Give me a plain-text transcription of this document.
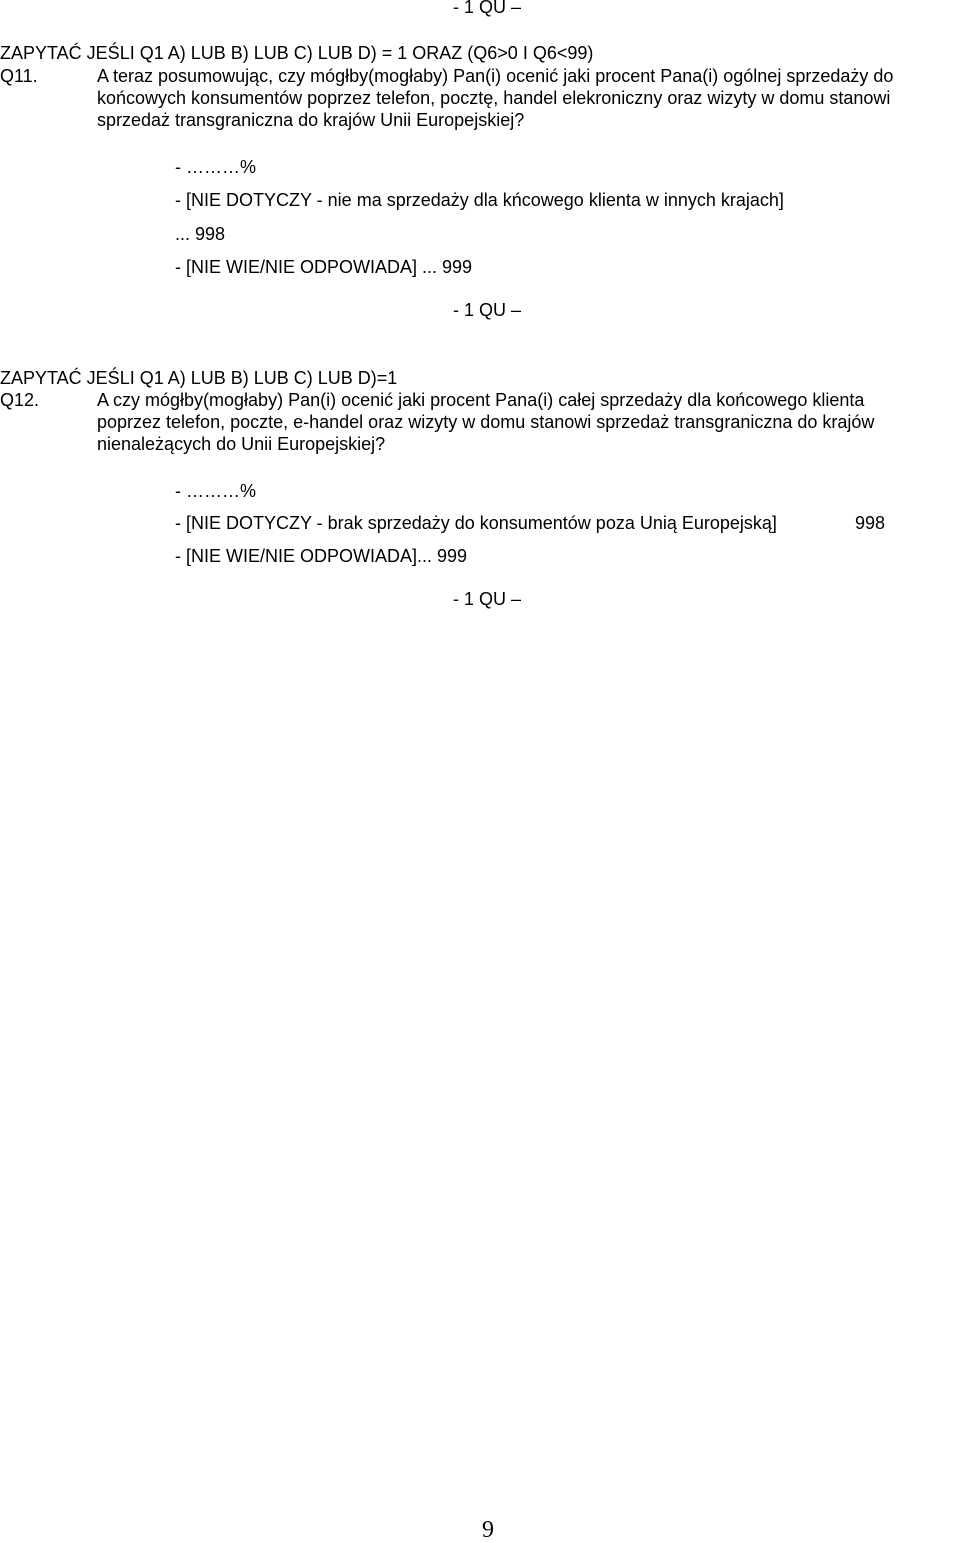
- 1 QU –
ZAPYTAĆ JEŚLI Q1 A) LUB B) LUB C) LUB D) = 1 ORAZ (Q6>0 I Q6<99)
Q11.	A teraz posumowując, czy mógłby(mogłaby) Pan(i) ocenić jaki procent Pana(i) ogólnej sprzedaży do
końcowych konsumentów poprzez telefon, pocztę, handel elekroniczny oraz wizyty w domu stanowi
sprzedaż transgraniczna do krajów Unii Europejskiej?
- ………%
- [NIE DOTYCZY - nie ma sprzedaży dla kńcowego klienta w innych krajach]
... 998
- [NIE WIE/NIE ODPOWIADA] ... 999
- 1 QU –
ZAPYTAĆ JEŚLI Q1 A) LUB B) LUB C) LUB D)=1
Q12.	A czy mógłby(mogłaby) Pan(i) ocenić jaki procent Pana(i) całej sprzedaży dla końcowego klienta
poprzez telefon, poczte, e-handel oraz wizyty w domu stanowi sprzedaż transgraniczna do krajów
nienależących do Unii Europejskiej?
- ………%
- [NIE DOTYCZY - brak sprzedaży do konsumentów poza Unią Europejską]	998
- [NIE WIE/NIE ODPOWIADA]... 999
- 1 QU –
9
